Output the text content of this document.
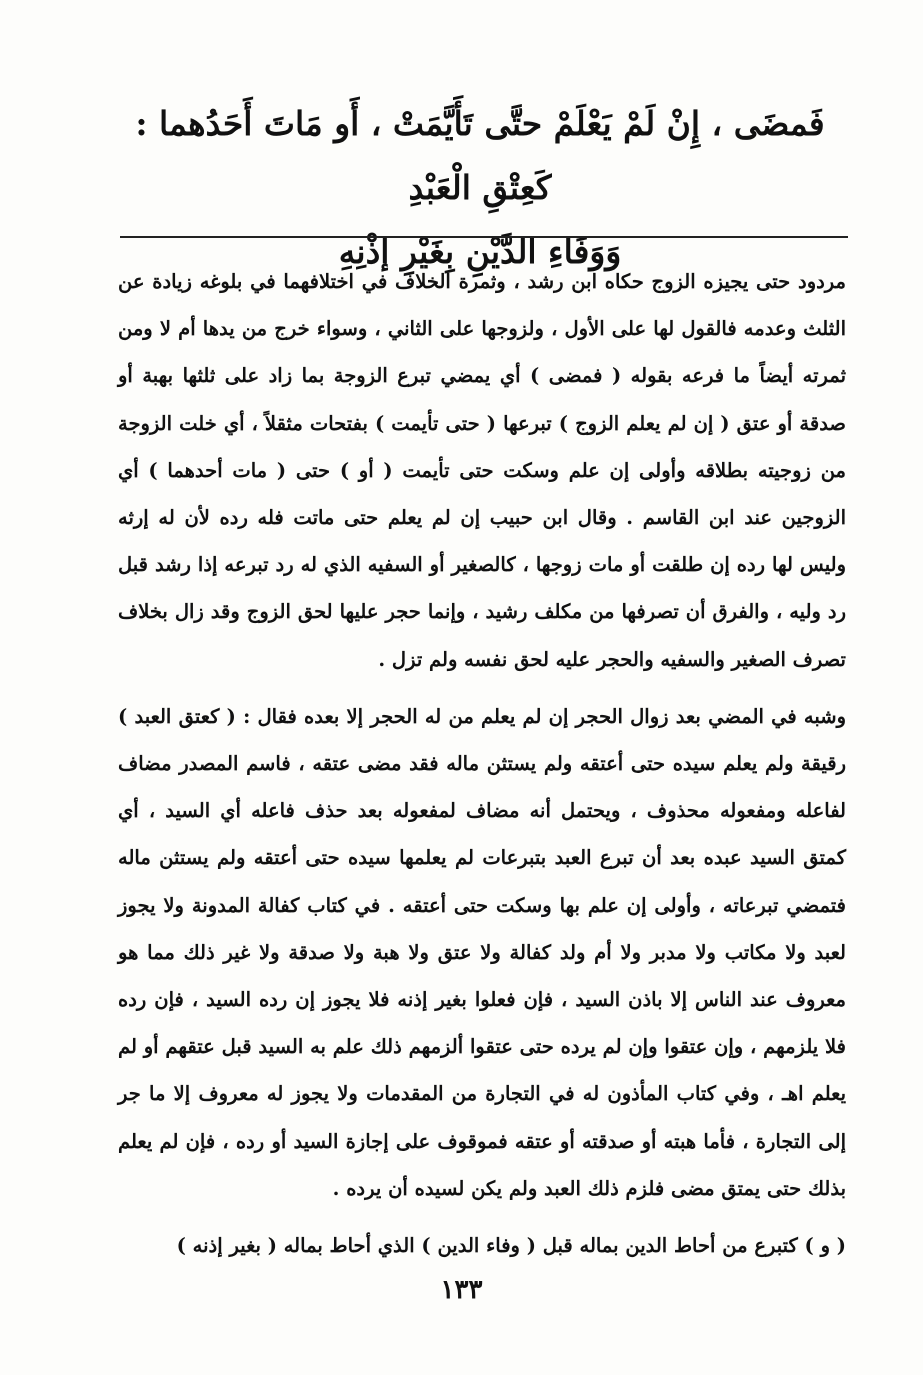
فَمضَى ، إِنْ لَمْ يَعْلَمْ حتَّى تَأَيَّمَتْ ، أَو مَاتَ أَحَدُهما : كَعِتْقِ الْعَبْدِ
وَوَفَاءِ الدَّيْنِ بِغَيْرِ إذْنِهِ

مردود حتى يجيزه الزوج حكاه ابن رشد ، وثمرة الخلاف في اختلافهما في بلوغه زيادة عن الثلث وعدمه فالقول لها على الأول ، ولزوجها على الثاني ، وسواء خرج من يدها أم لا ومن ثمرته أيضاً ما فرعه بقوله ( فمضى ) أي يمضي تبرع الزوجة بما زاد على ثلثها بهبة أو صدقة أو عتق ( إن لم يعلم الزوج ) تبرعها ( حتى تأيمت ) بفتحات مثقلاً ، أي خلت الزوجة من زوجيته بطلاقه وأولى إن علم وسكت حتى تأيمت ( أو ) حتى ( مات أحدهما ) أي الزوجين عند ابن القاسم . وقال ابن حبيب إن لم يعلم حتى ماتت فله رده لأن له إرثه وليس لها رده إن طلقت أو مات زوجها ، كالصغير أو السفيه الذي له رد تبرعه إذا رشد قبل رد وليه ، والفرق أن تصرفها من مكلف رشيد ، وإنما حجر عليها لحق الزوج وقد زال بخلاف تصرف الصغير والسفيه والحجر عليه لحق نفسه ولم تزل .

وشبه في المضي بعد زوال الحجر إن لم يعلم من له الحجر إلا بعده فقال : ( كعتق العبد ) رقيقة ولم يعلم سيده حتى أعتقه ولم يستثن ماله فقد مضى عتقه ، فاسم المصدر مضاف لفاعله ومفعوله محذوف ، ويحتمل أنه مضاف لمفعوله بعد حذف فاعله أي السيد ، أي كمتق السيد عبده بعد أن تبرع العبد بتبرعات لم يعلمها سيده حتى أعتقه ولم يستثن ماله فتمضي تبرعاته ، وأولى إن علم بها وسكت حتى أعتقه . في كتاب كفالة المدونة ولا يجوز لعبد ولا مكاتب ولا مدبر ولا أم ولد كفالة ولا عتق ولا هبة ولا صدقة ولا غير ذلك مما هو معروف عند الناس إلا باذن السيد ، فإن فعلوا بغير إذنه فلا يجوز إن رده السيد ، فإن رده فلا يلزمهم ، وإن عتقوا وإن لم يرده حتى عتقوا ألزمهم ذلك علم به السيد قبل عتقهم أو لم يعلم اهـ ، وفي كتاب المأذون له في التجارة من المقدمات ولا يجوز له معروف إلا ما جر إلى التجارة ، فأما هبته أو صدقته أو عتقه فموقوف على إجازة السيد أو رده ، فإن لم يعلم بذلك حتى يمتق مضى فلزم ذلك العبد ولم يكن لسيده أن يرده .

( و ) كتبرع من أحاط الدين بماله قبل ( وفاء الدين ) الذي أحاط بماله ( بغير إذنه )

١٣٣
